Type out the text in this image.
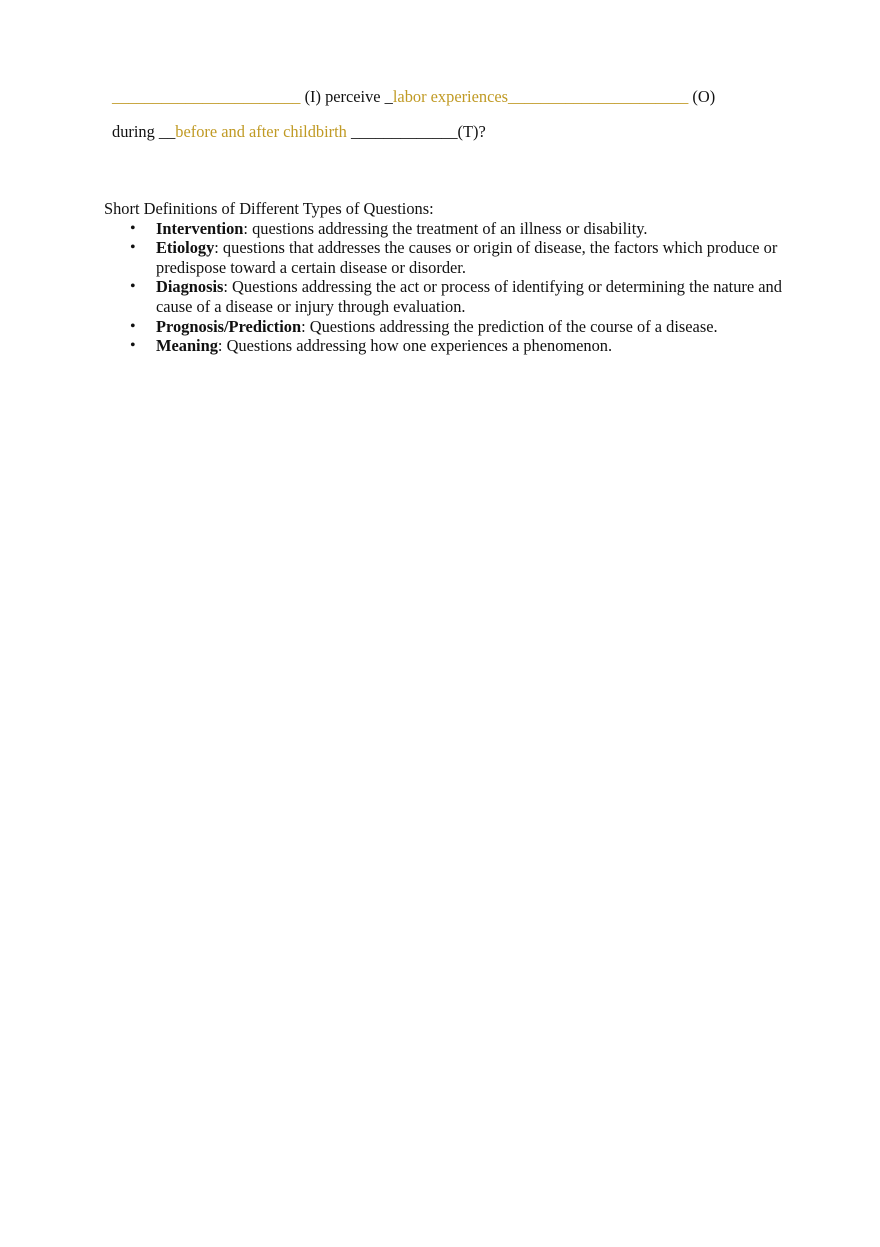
_______________________ (I) perceive _labor experiences______________________ (O)
during __before and after childbirth _____________(T)?

Short Definitions of Different Types of Questions:

• Intervention: questions addressing the treatment of an illness or disability.
• Etiology: questions that addresses the causes or origin of disease, the factors which produce or predispose toward a certain disease or disorder.
• Diagnosis: Questions addressing the act or process of identifying or determining the nature and cause of a disease or injury through evaluation.
• Prognosis/Prediction: Questions addressing the prediction of the course of a disease.
• Meaning: Questions addressing how one experiences a phenomenon.
